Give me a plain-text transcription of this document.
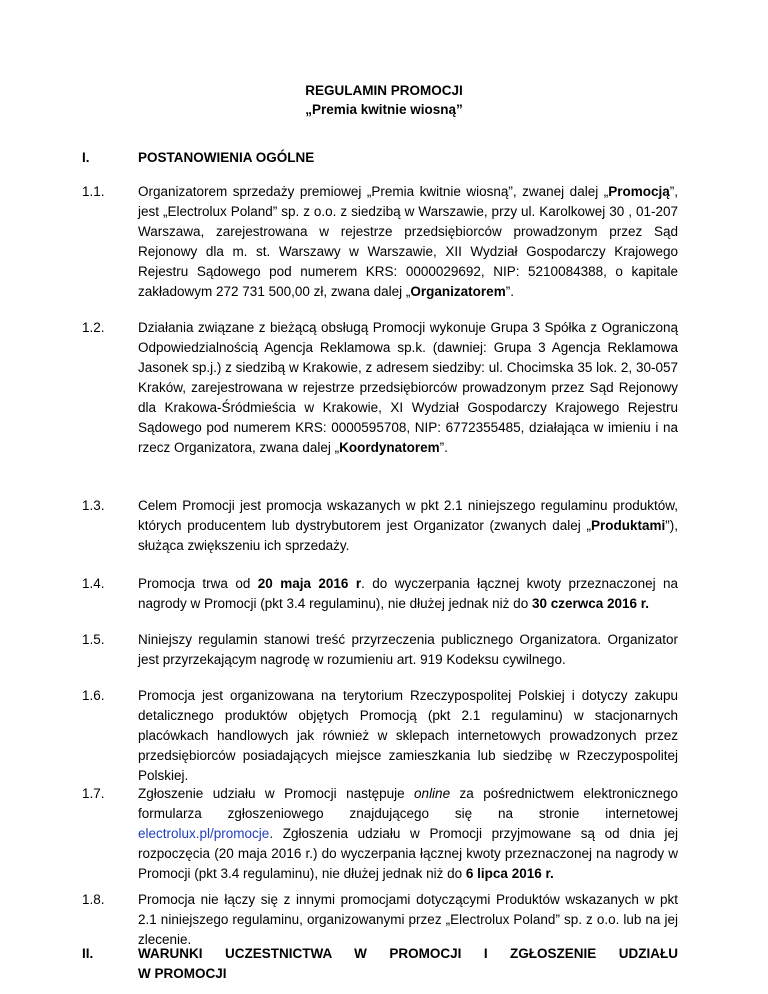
REGULAMIN PROMOCJI
„Premia kwitnie wiosną”
I.	POSTANOWIENIA OGÓLNE
1.1. Organizatorem sprzedaży premiowej „Premia kwitnie wiosną”, zwanej dalej „Promocją”, jest „Electrolux Poland” sp. z o.o. z siedzibą w Warszawie, przy ul. Karolkowej 30 , 01-207 Warszawa, zarejestrowana w rejestrze przedsiębiorców prowadzonym przez Sąd Rejonowy dla m. st. Warszawy w Warszawie, XII Wydział Gospodarczy Krajowego Rejestru Sądowego pod numerem KRS: 0000029692, NIP: 5210084388, o kapitale zakładowym 272 731 500,00 zł, zwana dalej „Organizatorem”.
1.2. Działania związane z bieżącą obsługą Promocji wykonuje Grupa 3 Spółka z Ograniczoną Odpowiedzialnością Agencja Reklamowa sp.k. (dawniej: Grupa 3 Agencja Reklamowa Jasonek sp.j.) z siedzibą w Krakowie, z adresem siedziby: ul. Chocimska 35 lok. 2, 30-057 Kraków, zarejestrowana w rejestrze przedsiębiorców prowadzonym przez Sąd Rejonowy dla Krakowa-Śródmieścia w Krakowie, XI Wydział Gospodarczy Krajowego Rejestru Sądowego pod numerem KRS: 0000595708, NIP: 6772355485, działająca w imieniu i na rzecz Organizatora, zwana dalej „Koordynatorem”.
1.3. Celem Promocji jest promocja wskazanych w pkt 2.1 niniejszego regulaminu produktów, których producentem lub dystrybutorem jest Organizator (zwanych dalej „Produktami”), służąca zwiększeniu ich sprzedaży.
1.4. Promocja trwa od 20 maja 2016 r. do wyczerpania łącznej kwoty przeznaczonej na nagrody w Promocji (pkt 3.4 regulaminu), nie dłużej jednak niż do 30 czerwca 2016 r.
1.5. Niniejszy regulamin stanowi treść przyrzeczenia publicznego Organizatora. Organizator jest przyrzekającym nagrodę w rozumieniu art. 919 Kodeksu cywilnego.
1.6. Promocja jest organizowana na terytorium Rzeczypospolitej Polskiej i dotyczy zakupu detalicznego produktów objętych Promocją (pkt 2.1 regulaminu) w stacjonarnych placówkach handlowych jak również w sklepach internetowych prowadzonych przez przedsiębiorców posiadających miejsce zamieszkania lub siedzibę w Rzeczypospolitej Polskiej.
1.7. Zgłoszenie udziału w Promocji następuje online za pośrednictwem elektronicznego formularza zgłoszeniowego znajdującego się na stronie internetowej electrolux.pl/promocje. Zgłoszenia udziału w Promocji przyjmowane są od dnia jej rozpoczęcia (20 maja 2016 r.) do wyczerpania łącznej kwoty przeznaczonej na nagrody w Promocji (pkt 3.4 regulaminu), nie dłużej jednak niż do 6 lipca 2016 r.
1.8. Promocja nie łączy się z innymi promocjami dotyczącymi Produktów wskazanych w pkt 2.1 niniejszego regulaminu, organizowanymi przez „Electrolux Poland” sp. z o.o. lub na jej zlecenie.
II.	WARUNKI UCZESTNICTWA W PROMOCJI I ZGŁOSZENIE UDZIAŁU
W PROMOCJI
